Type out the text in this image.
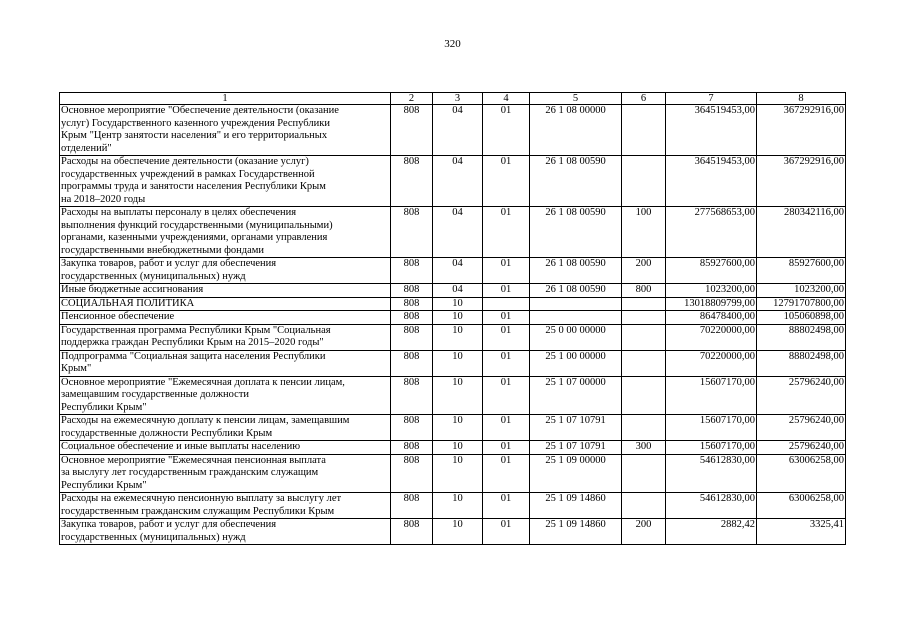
320
1	2	3	4	5	6	7	8

Основное мероприятие "Обеспечение деятельности (оказание
услуг) Государственного казенного учреждения Республики
Крым "Центр занятости населения" и его территориальных
отделений"	808	04	01	26 1 08 00000		364519453,00	367292916,00

Расходы на обеспечение деятельности (оказание услуг)
государственных учреждений в рамках Государственной
программы труда и занятости населения Республики Крым
на 2018–2020 годы	808	04	01	26 1 08 00590		364519453,00	367292916,00

Расходы на выплаты персоналу в целях обеспечения
выполнения функций государственными (муниципальными)
органами, казенными учреждениями, органами управления
государственными внебюджетными фондами	808	04	01	26 1 08 00590	100	277568653,00	280342116,00

Закупка товаров, работ и услуг для обеспечения
государственных (муниципальных) нужд	808	04	01	26 1 08 00590	200	85927600,00	85927600,00

Иные бюджетные ассигнования	808	04	01	26 1 08 00590	800	1023200,00	1023200,00

СОЦИАЛЬНАЯ ПОЛИТИКА	808	10				13018809799,00	12791707800,00

Пенсионное обеспечение	808	10	01			86478400,00	105060898,00

Государственная программа Республики Крым "Социальная
поддержка граждан Республики Крым на 2015–2020 годы"	808	10	01	25 0 00 00000		70220000,00	88802498,00

Подпрограмма "Социальная защита населения Республики
Крым"	808	10	01	25 1 00 00000		70220000,00	88802498,00

Основное мероприятие "Ежемесячная доплата к пенсии лицам,
замещавшим государственные должности
Республики Крым"	808	10	01	25 1 07 00000		15607170,00	25796240,00

Расходы на ежемесячную доплату к пенсии лицам, замещавшим
государственные должности Республики Крым	808	10	01	25 1 07 10791		15607170,00	25796240,00

Социальное обеспечение и иные выплаты населению	808	10	01	25 1 07 10791	300	15607170,00	25796240,00

Основное мероприятие "Ежемесячная пенсионная выплата
за выслугу лет государственным гражданским служащим
Республики Крым"	808	10	01	25 1 09 00000		54612830,00	63006258,00

Расходы на ежемесячную пенсионную выплату за выслугу лет
государственным гражданским служащим Республики Крым	808	10	01	25 1 09 14860		54612830,00	63006258,00

Закупка товаров, работ и услуг для обеспечения
государственных (муниципальных) нужд	808	10	01	25 1 09 14860	200	2882,42	3325,41
